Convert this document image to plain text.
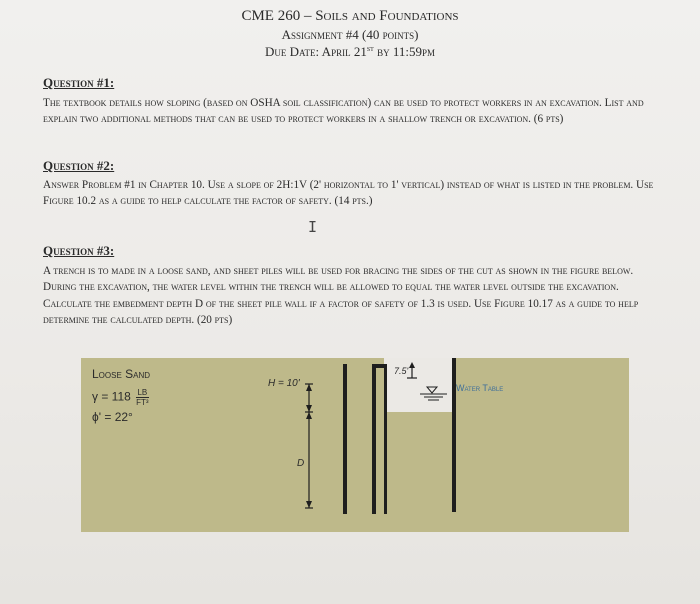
CME 260 – Soils and Foundations
Assignment #4 (40 points)
Due Date: April 21st by 11:59pm
Question #1:
The textbook details how sloping (based on OSHA soil classification) can be used to protect workers in an excavation. List and explain two additional methods that can be used to protect workers in a shallow trench or excavation. (6 pts)
Question #2:
Answer Problem #1 in Chapter 10. Use a slope of 2H:1V (2' horizontal to 1' vertical) instead of what is listed in the problem. Use Figure 10.2 as a guide to help calculate the factor of safety. (14 pts.)
I
Question #3:
A trench is to made in a loose sand, and sheet piles will be used for bracing the sides of the cut as shown in the figure below. During the excavation, the water level within the trench will be allowed to equal the water level outside the excavation. Calculate the embedment depth D of the sheet pile wall if a factor of safety of 1.3 is used. Use Figure 10.17 as a guide to help determine the calculated depth. (20 pts)
Loose Sand
$\gamma = 118 \frac{LB}{\text{FT³}}$
ϕ' = 22°
H = 10'
7.5'
Water Table
D
